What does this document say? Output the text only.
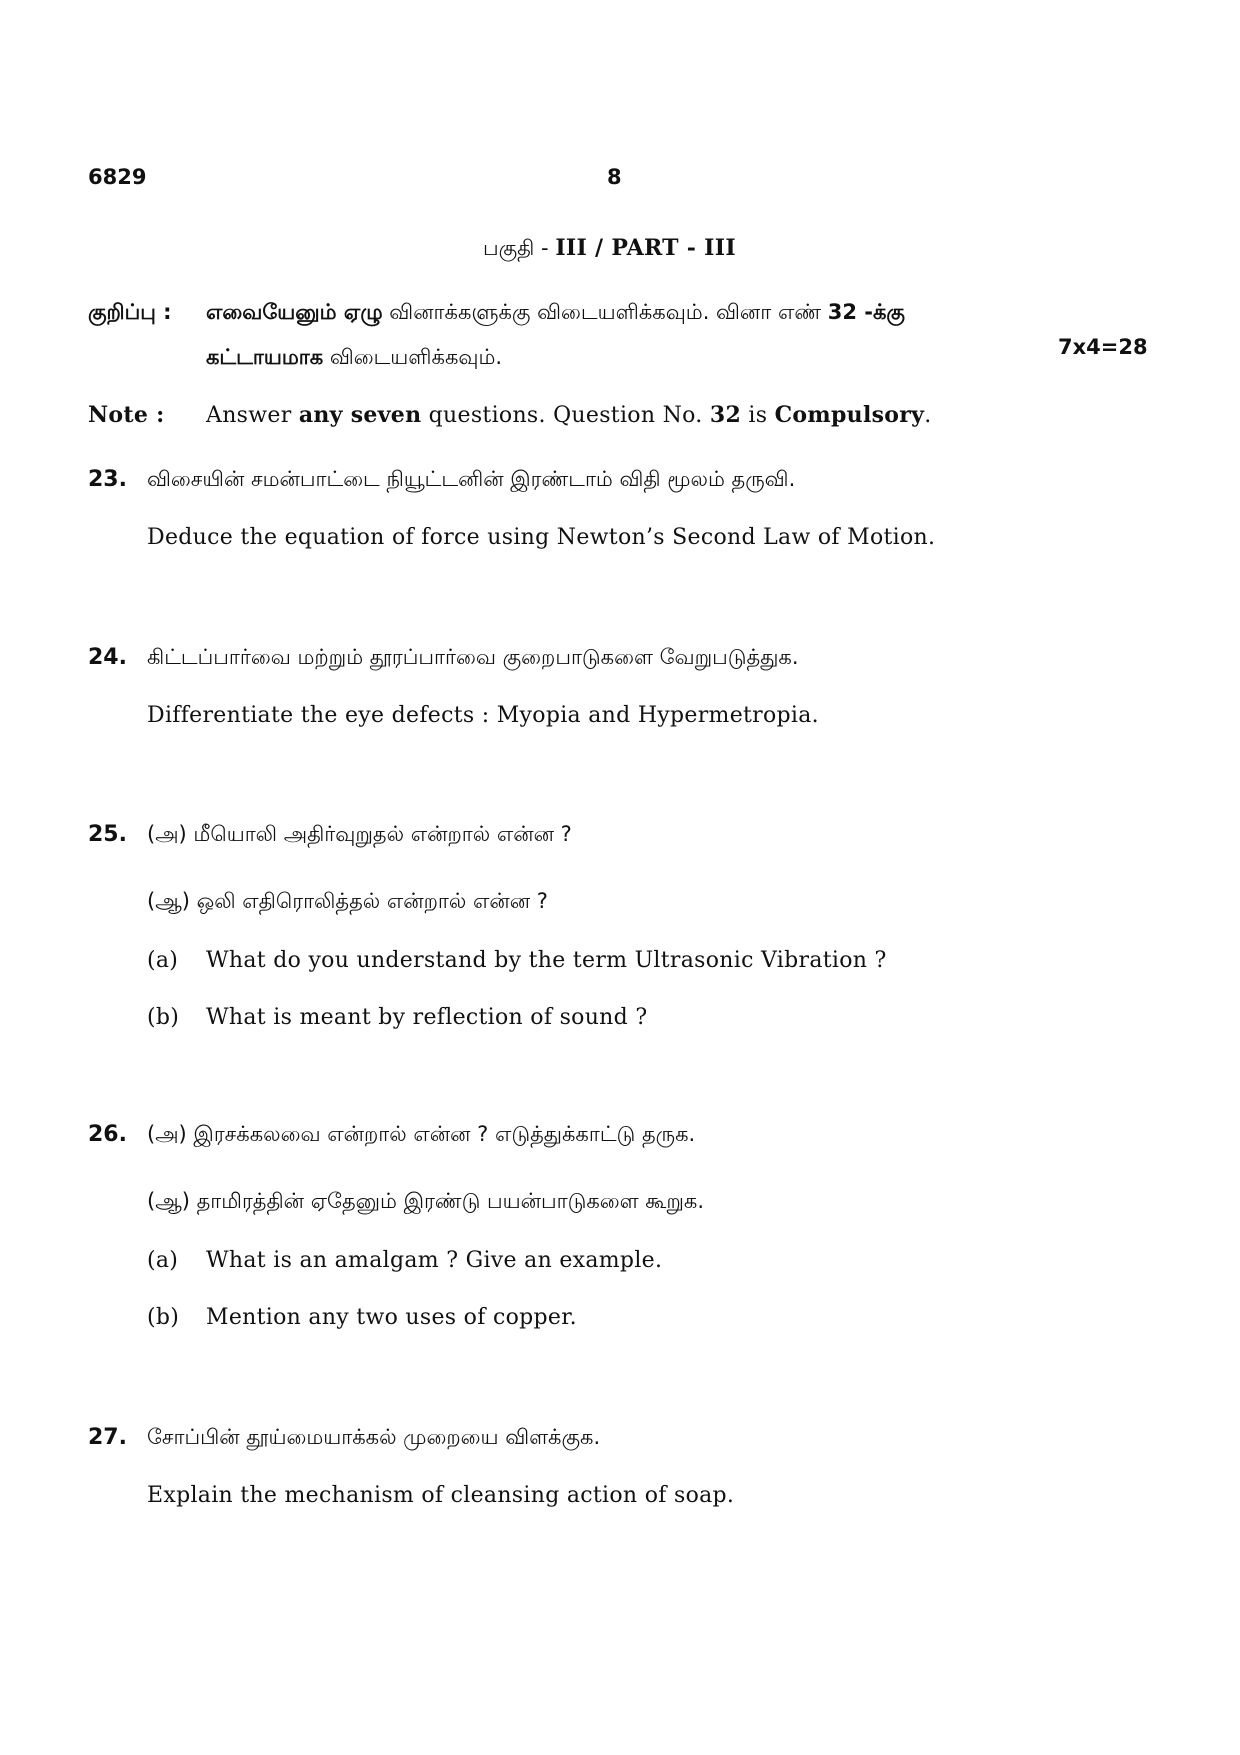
6829	8
பகுதி - III / PART - III
குறிப்பு : எவையேனும் ஏழு வினாக்களுக்கு விடையளிக்கவும். வினா எண் 32 -க்கு
கட்டாயமாக விடையளிக்கவும்.	7x4=28
Note : Answer any seven questions. Question No. 32 is Compulsory.
23. விசையின் சமன்பாட்டை நியூட்டனின் இரண்டாம் விதி மூலம் தருவி.
Deduce the equation of force using Newton’s Second Law of Motion.
24. கிட்டப்பார்வை மற்றும் தூரப்பார்வை குறைபாடுகளை வேறுபடுத்துக.
Differentiate the eye defects : Myopia and Hypermetropia.
25. (அ) மீயொலி அதிர்வுறுதல் என்றால் என்ன ?
(ஆ) ஒலி எதிரொலித்தல் என்றால் என்ன ?
(a) What do you understand by the term Ultrasonic Vibration ?
(b) What is meant by reflection of sound ?
26. (அ) இரசக்கலவை என்றால் என்ன ? எடுத்துக்காட்டு தருக.
(ஆ) தாமிரத்தின் ஏதேனும் இரண்டு பயன்பாடுகளை கூறுக.
(a) What is an amalgam ? Give an example.
(b) Mention any two uses of copper.
27. சோப்பின் தூய்மையாக்கல் முறையை விளக்குக.
Explain the mechanism of cleansing action of soap.
